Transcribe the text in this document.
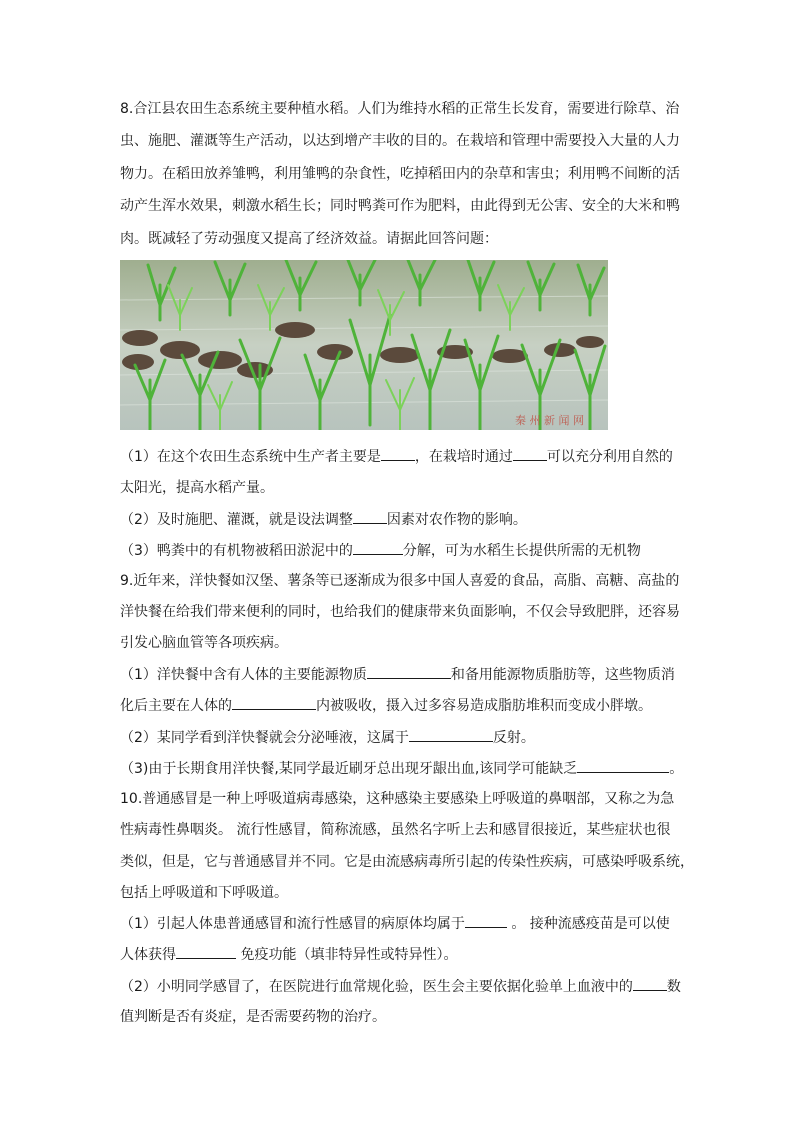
8.合江县农田生态系统主要种植水稻。人们为维持水稻的正常生长发育，需要进行除草、治
虫、施肥、灌溉等生产活动，以达到增产丰收的目的。在栽培和管理中需要投入大量的人力
物力。在稻田放养雏鸭，利用雏鸭的杂食性，吃掉稻田内的杂草和害虫；利用鸭不间断的活
动产生浑水效果，刺激水稻生长；同时鸭粪可作为肥料，由此得到无公害、安全的大米和鸭
肉。既减轻了劳动强度又提高了经济效益。请据此回答问题：
秦 州 新 闻 网
（1）在这个农田生态系统中生产者主要是 ，在栽培时通过 可以充分利用自然的
太阳光，提高水稻产量。
（2）及时施肥、灌溉，就是设法调整 因素对农作物的影响。
（3）鸭粪中的有机物被稻田淤泥中的	分解，可为水稻生长提供所需的无机物
9.近年来，洋快餐如汉堡、薯条等已逐渐成为很多中国人喜爱的食品，高脂、高糖、高盐的
洋快餐在给我们带来便利的同时，也给我们的健康带来负面影响，不仅会导致肥胖，还容易
引发心脑血管等各项疾病。
（1）洋快餐中含有人体的主要能源物质	和备用能源物质脂肪等，这些物质消
化后主要在人体的	内被吸收，摄入过多容易造成脂肪堆积而变成小胖墩。
（2）某同学看到洋快餐就会分泌唾液，这属于	反射。
（3)由于长期食用洋快餐,某同学最近刷牙总出现牙龈出血,该同学可能缺乏	。
10.普通感冒是一种上呼吸道病毒感染，这种感染主要感染上呼吸道的鼻咽部，又称之为急
性病毒性鼻咽炎。 流行性感冒，简称流感，虽然名字听上去和感冒很接近，某些症状也很
类似，但是，它与普通感冒并不同。它是由流感病毒所引起的传染性疾病，可感染呼吸系统，
包括上呼吸道和下呼吸道。
（1）引起人体患普通感冒和流行性感冒的病原体均属于	。 接种流感疫苗是可以使
人体获得	免疫功能（填非特异性或特异性）。
（2）小明同学感冒了，在医院进行血常规化验，医生会主要依据化验单上血液中的 数
值判断是否有炎症，是否需要药物的治疗。
